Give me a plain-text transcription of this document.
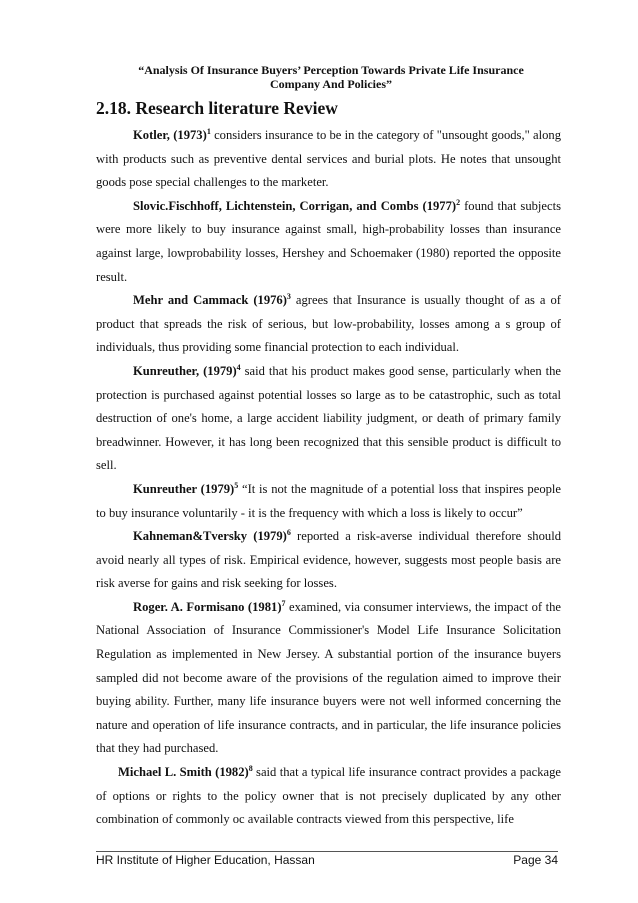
“Analysis Of Insurance Buyers’ Perception Towards Private Life Insurance
Company And Policies”
2.18. Research literature Review

Kotler, $(1973)^1$ considers insurance to be in the category of "unsought goods," along with products such as preventive dental services and burial plots. He notes that unsought goods pose special challenges to the marketer.

Slovic.Fischhoff, Lichtenstein, Corrigan, and Combs $(1977)^2$ found that subjects were more likely to buy insurance against small, high-probability losses than insurance against large, lowprobability losses, Hershey and Schoemaker (1980) reported the opposite result.

Mehr and Cammack $(1976)^3$ agrees that Insurance is usually thought of as a of product that spreads the risk of serious, but low-probability, losses among a s group of individuals, thus providing some financial protection to each individual.

Kunreuther, $(1979)^4$ said that his product makes good sense, particularly when the protection is purchased against potential losses so large as to be catastrophic, such as total destruction of one's home, a large accident liability judgment, or death of primary family breadwinner. However, it has long been recognized that this sensible product is difficult to sell.

Kunreuther $(1979)^5$ “It is not the magnitude of a potential loss that inspires people to buy insurance voluntarily - it is the frequency with which a loss is likely to occur”

Kahneman&Tversky $(1979)^6$ reported a risk-averse individual therefore should avoid nearly all types of risk. Empirical evidence, however, suggests most people basis are risk averse for gains and risk seeking for losses.

Roger. A. Formisano $(1981)^7$ examined, via consumer interviews, the impact of the National Association of Insurance Commissioner's Model Life Insurance Solicitation Regulation as implemented in New Jersey. A substantial portion of the insurance buyers sampled did not become aware of the provisions of the regulation aimed to improve their buying ability. Further, many life insurance buyers were not well informed concerning the nature and operation of life insurance contracts, and in particular, the life insurance policies that they had purchased.

Michael L. Smith $(1982)^8$ said that a typical life insurance contract provides a package of options or rights to the policy owner that is not precisely duplicated by any other combination of commonly oc available contracts viewed from this perspective, life

HR Institute of Higher Education, Hassan	Page 34
